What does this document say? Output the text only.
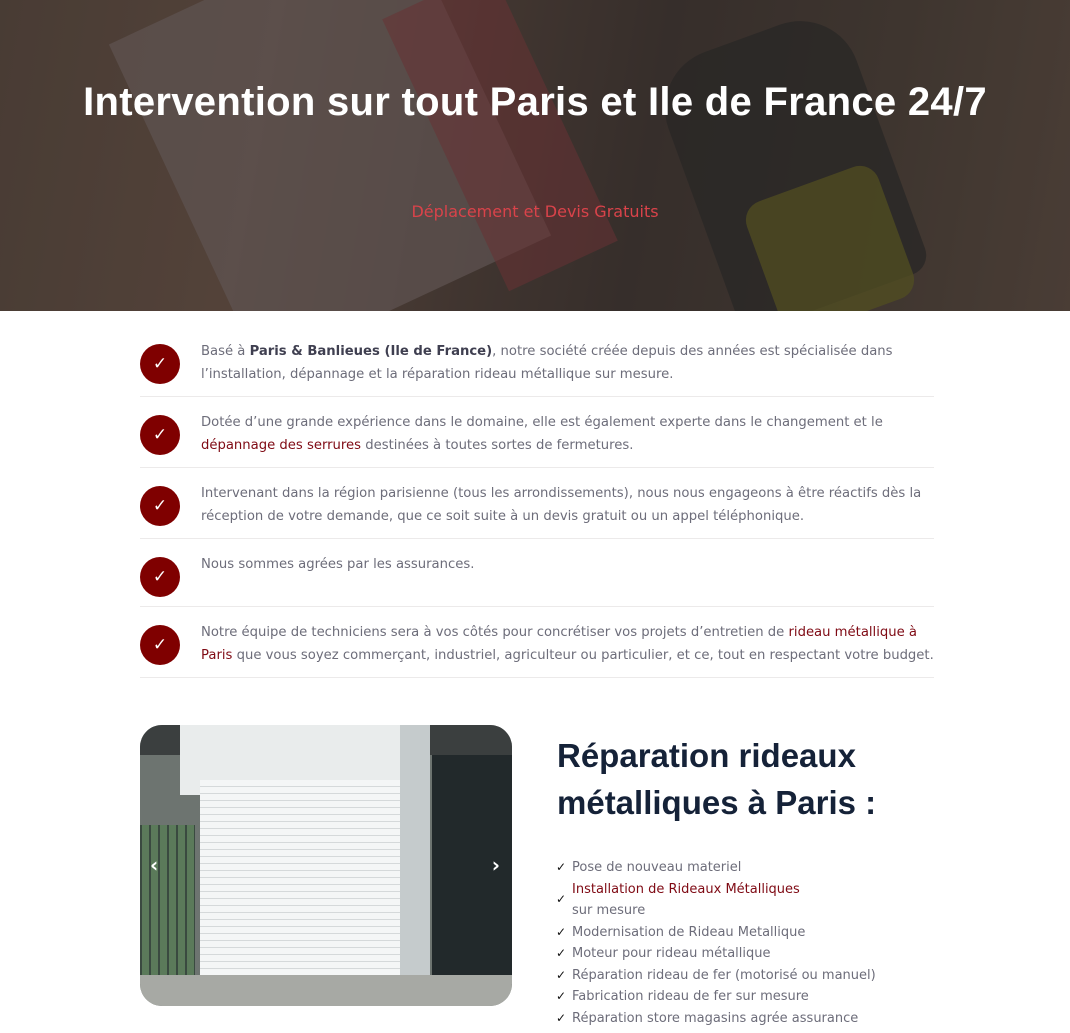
Intervention sur tout Paris et Ile de France 24/7
Déplacement et Devis Gratuits
✓
Basé à Paris & Banlieues (Ile de France), notre société créée depuis des années est spécialisée dans l’installation, dépannage et la réparation rideau métallique sur mesure.
✓
Dotée d’une grande expérience dans le domaine, elle est également experte dans le changement et le dépannage des serrures destinées à toutes sortes de fermetures.
✓
Intervenant dans la région parisienne (tous les arrondissements), nous nous engageons à être réactifs dès la réception de votre demande, que ce soit suite à un devis gratuit ou un appel téléphonique.
✓
Nous sommes agrées par les assurances.
✓
Notre équipe de techniciens sera à vos côtés pour concrétiser vos projets d’entretien de rideau métallique à Paris que vous soyez commerçant, industriel, agriculteur ou particulier, et ce, tout en respectant votre budget.
‹	›
Réparation rideaux métalliques à Paris :
✓ Pose de nouveau materiel
✓
Installation de Rideaux Métalliques
sur mesure
✓ Modernisation de Rideau Metallique
✓ Moteur pour rideau métallique
✓ Réparation rideau de fer (motorisé ou manuel)
✓ Fabrication rideau de fer sur mesure
✓ Réparation store magasins agrée assurance
